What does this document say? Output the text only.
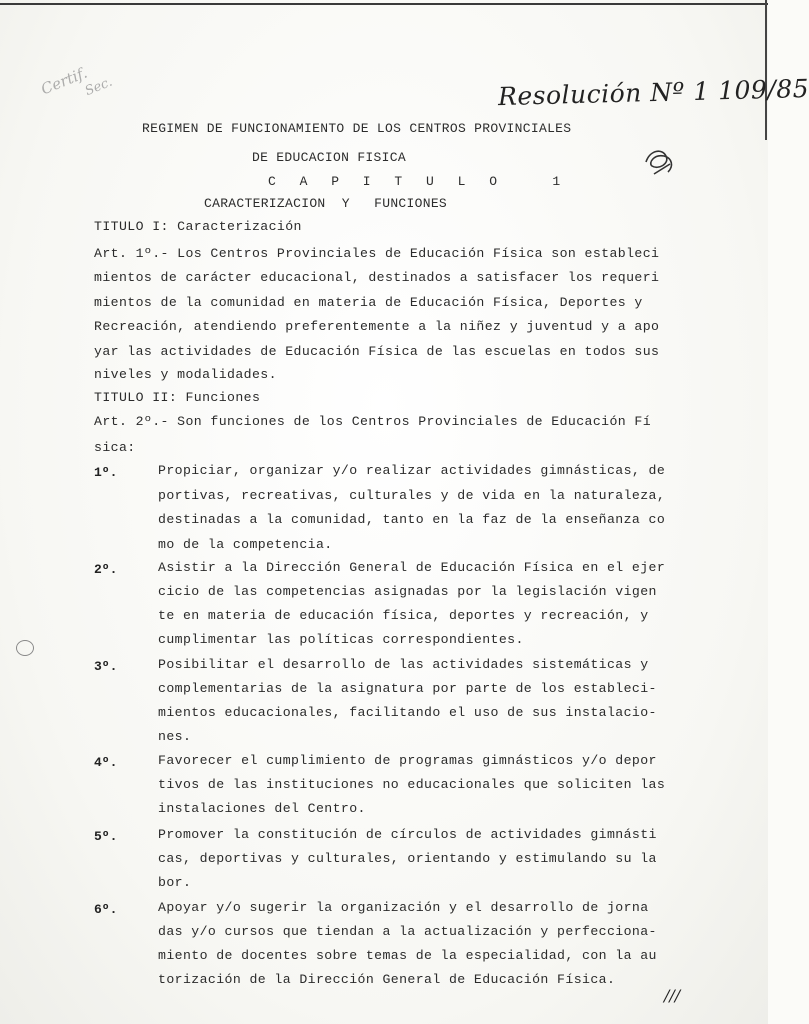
Certif.
Sec.	Resolución Nº 1 109/85
REGIMEN DE FUNCIONAMIENTO DE LOS CENTROS PROVINCIALES
DE EDUCACION FISICA
C A P I T U L O   1
CARACTERIZACION  Y   FUNCIONES
TITULO I: Caracterización
Art. 1º.- Los Centros Provinciales de Educación Física son estableci
mientos de carácter educacional, destinados a satisfacer los requeri
mientos de la comunidad en materia de Educación Física, Deportes y
Recreación, atendiendo preferentemente a la niñez y juventud y a apo
yar las actividades de Educación Física de las escuelas en todos sus
niveles y modalidades.
TITULO II: Funciones
Art. 2º.- Son funciones de los Centros Provinciales de Educación Fí
sica:
1º.	Propiciar, organizar y/o realizar actividades gimnásticas, de
portivas, recreativas, culturales y de vida en la naturaleza,
destinadas a la comunidad, tanto en la faz de la enseñanza co
mo de la competencia.
2º.	Asistir a la Dirección General de Educación Física en el ejer
cicio de las competencias asignadas por la legislación vigen
te en materia de educación física, deportes y recreación, y
cumplimentar las políticas correspondientes.
3º.	Posibilitar el desarrollo de las actividades sistemáticas y
complementarias de la asignatura por parte de los estableci-
mientos educacionales, facilitando el uso de sus instalacio-
nes.
4º.	Favorecer el cumplimiento de programas gimnásticos y/o depor
tivos de las instituciones no educacionales que soliciten las
instalaciones del Centro.
5º.	Promover la constitución de círculos de actividades gimnásti
cas, deportivas y culturales, orientando y estimulando su la
bor.
6º.	Apoyar y/o sugerir la organización y el desarrollo de jorna
das y/o cursos que tiendan a la actualización y perfecciona-
miento de docentes sobre temas de la especialidad, con la au
torización de la Dirección General de Educación Física.
///
